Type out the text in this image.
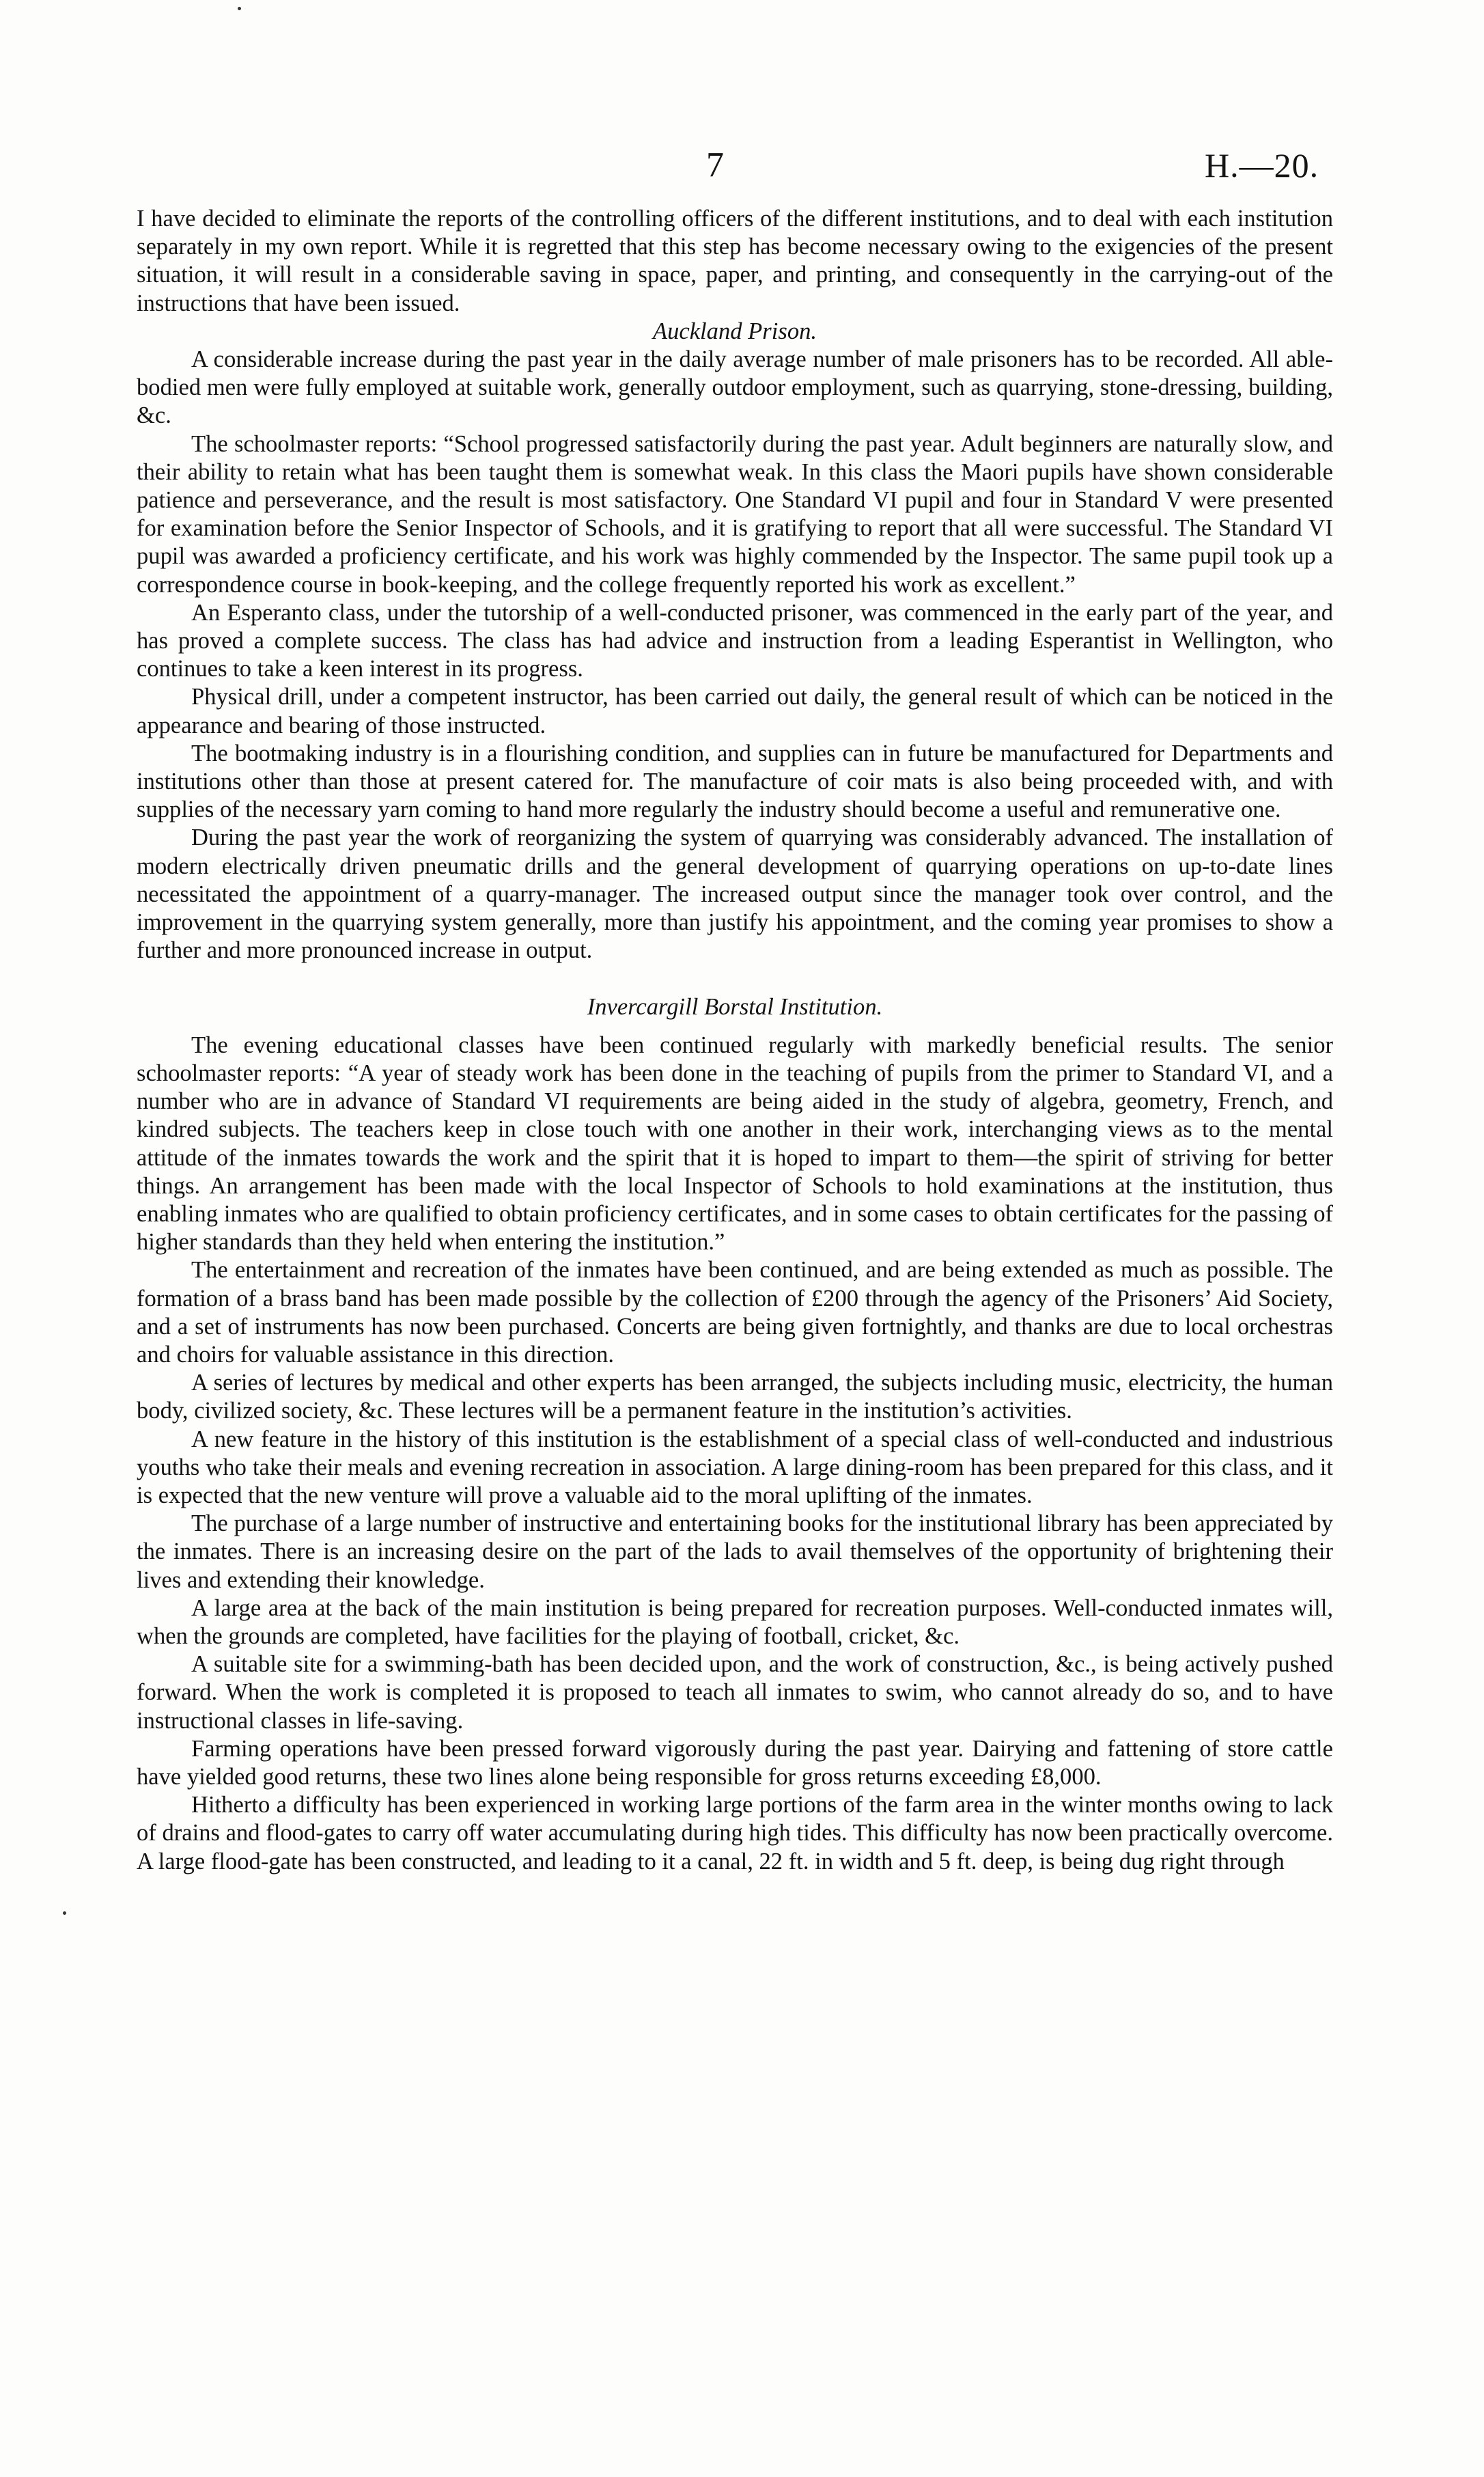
7	H.—20.

I have decided to eliminate the reports of the controlling officers of the different institutions, and to deal with each institution separately in my own report. While it is regretted that this step has become necessary owing to the exigencies of the present situation, it will result in a considerable saving in space, paper, and printing, and consequently in the carrying-out of the instructions that have been issued.

Auckland Prison.

A considerable increase during the past year in the daily average number of male prisoners has to be recorded. All able-bodied men were fully employed at suitable work, generally outdoor employment, such as quarrying, stone-dressing, building, &c.

The schoolmaster reports: “School progressed satisfactorily during the past year. Adult beginners are naturally slow, and their ability to retain what has been taught them is somewhat weak. In this class the Maori pupils have shown considerable patience and perseverance, and the result is most satisfactory. One Standard VI pupil and four in Standard V were presented for examination before the Senior Inspector of Schools, and it is gratifying to report that all were successful. The Standard VI pupil was awarded a proficiency certificate, and his work was highly commended by the Inspector. The same pupil took up a correspondence course in book-keeping, and the college frequently reported his work as excellent.”

An Esperanto class, under the tutorship of a well-conducted prisoner, was commenced in the early part of the year, and has proved a complete success. The class has had advice and instruction from a leading Esperantist in Wellington, who continues to take a keen interest in its progress.

Physical drill, under a competent instructor, has been carried out daily, the general result of which can be noticed in the appearance and bearing of those instructed.

The bootmaking industry is in a flourishing condition, and supplies can in future be manufactured for Departments and institutions other than those at present catered for. The manufacture of coir mats is also being proceeded with, and with supplies of the necessary yarn coming to hand more regularly the industry should become a useful and remunerative one.

During the past year the work of reorganizing the system of quarrying was considerably advanced. The installation of modern electrically driven pneumatic drills and the general development of quarrying operations on up-to-date lines necessitated the appointment of a quarry-manager. The increased output since the manager took over control, and the improvement in the quarrying system generally, more than justify his appointment, and the coming year promises to show a further and more pronounced increase in output.

Invercargill Borstal Institution.

The evening educational classes have been continued regularly with markedly beneficial results. The senior schoolmaster reports: “A year of steady work has been done in the teaching of pupils from the primer to Standard VI, and a number who are in advance of Standard VI requirements are being aided in the study of algebra, geometry, French, and kindred subjects. The teachers keep in close touch with one another in their work, interchanging views as to the mental attitude of the inmates towards the work and the spirit that it is hoped to impart to them—the spirit of striving for better things. An arrangement has been made with the local Inspector of Schools to hold examinations at the institution, thus enabling inmates who are qualified to obtain proficiency certificates, and in some cases to obtain certificates for the passing of higher standards than they held when entering the institution.”

The entertainment and recreation of the inmates have been continued, and are being extended as much as possible. The formation of a brass band has been made possible by the collection of £200 through the agency of the Prisoners’ Aid Society, and a set of instruments has now been purchased. Concerts are being given fortnightly, and thanks are due to local orchestras and choirs for valuable assistance in this direction.

A series of lectures by medical and other experts has been arranged, the subjects including music, electricity, the human body, civilized society, &c. These lectures will be a permanent feature in the institution’s activities.

A new feature in the history of this institution is the establishment of a special class of well-conducted and industrious youths who take their meals and evening recreation in association. A large dining-room has been prepared for this class, and it is expected that the new venture will prove a valuable aid to the moral uplifting of the inmates.

The purchase of a large number of instructive and entertaining books for the institutional library has been appreciated by the inmates. There is an increasing desire on the part of the lads to avail themselves of the opportunity of brightening their lives and extending their knowledge.

A large area at the back of the main institution is being prepared for recreation purposes. Well-conducted inmates will, when the grounds are completed, have facilities for the playing of football, cricket, &c.

A suitable site for a swimming-bath has been decided upon, and the work of construction, &c., is being actively pushed forward. When the work is completed it is proposed to teach all inmates to swim, who cannot already do so, and to have instructional classes in life-saving.

Farming operations have been pressed forward vigorously during the past year. Dairying and fattening of store cattle have yielded good returns, these two lines alone being responsible for gross returns exceeding £8,000.

Hitherto a difficulty has been experienced in working large portions of the farm area in the winter months owing to lack of drains and flood-gates to carry off water accumulating during high tides. This difficulty has now been practically overcome. A large flood-gate has been constructed, and leading to it a canal, 22 ft. in width and 5 ft. deep, is being dug right through
